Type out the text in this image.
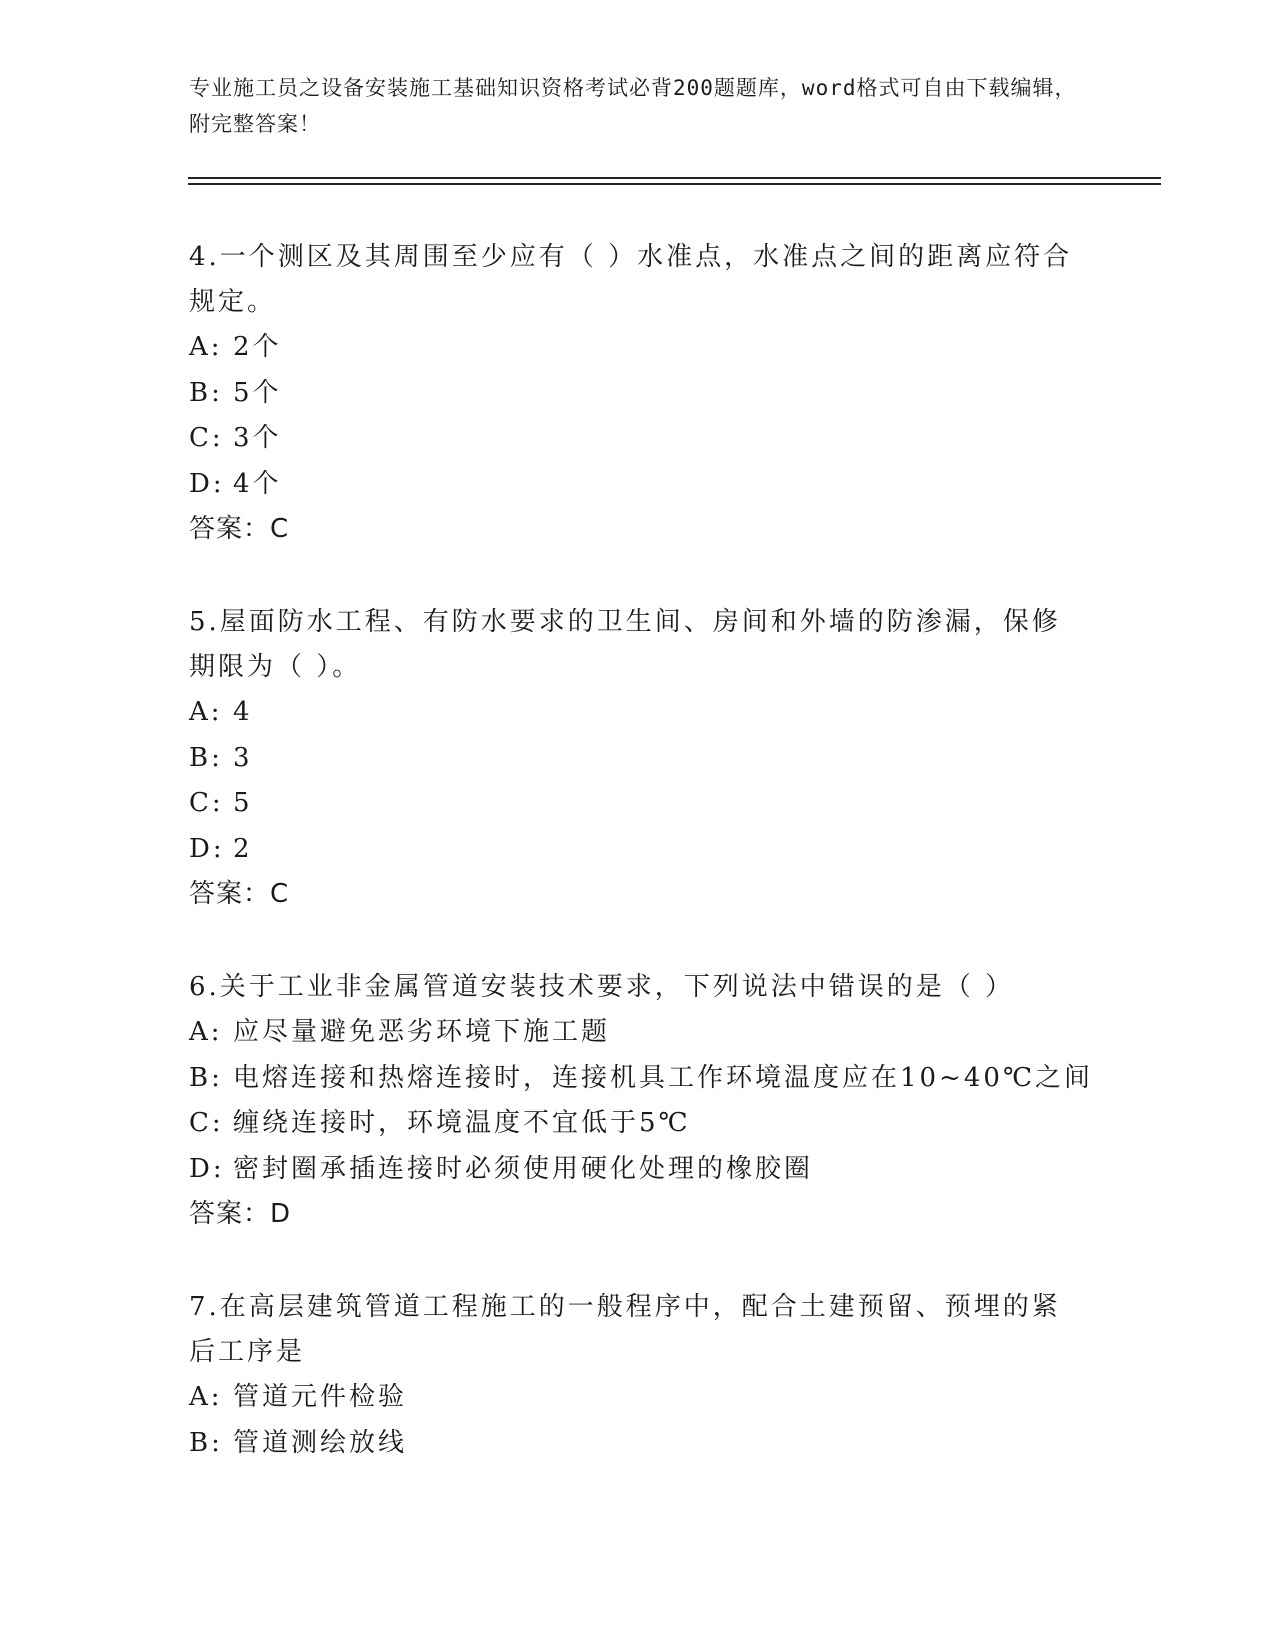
专业施工员之设备安装施工基础知识资格考试必背200题题库，word格式可自由下载编辑，附完整答案！

4.一个测区及其周围至少应有（ ）水准点，水准点之间的距离应符合规定。

A: 2个

B: 5个

C: 3个

D: 4个

答案：C

5.屋面防水工程、有防水要求的卫生间、房间和外墙的防渗漏，保修期限为（ ）。

A: 4

B: 3

C: 5

D: 2

答案：C

6.关于工业非金属管道安装技术要求，下列说法中错误的是（ ）

A: 应尽量避免恶劣环境下施工题

B: 电熔连接和热熔连接时，连接机具工作环境温度应在10~40℃之间

C: 缠绕连接时，环境温度不宜低于5℃

D: 密封圈承插连接时必须使用硬化处理的橡胶圈

答案：D

7.在高层建筑管道工程施工的一般程序中，配合土建预留、预埋的紧后工序是

A: 管道元件检验

B: 管道测绘放线
